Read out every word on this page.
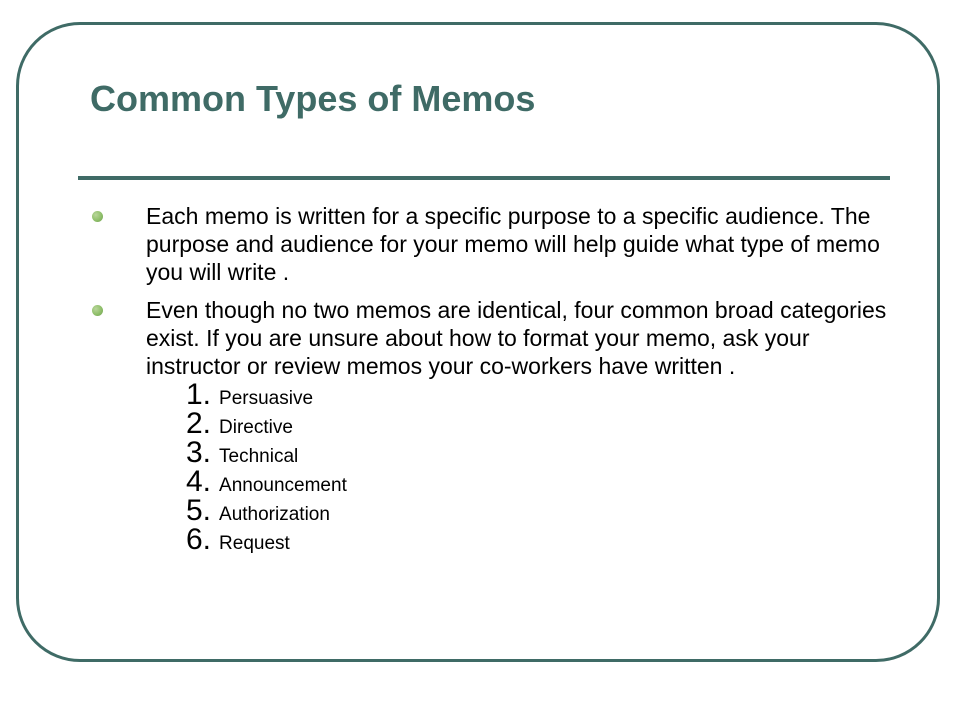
Common Types of Memos
Each memo is written for a specific purpose to a specific audience. The purpose and audience for your memo will help guide what type of memo you will write .
Even though no two memos are identical, four common broad categories exist. If you are unsure about how to format your memo, ask your instructor or review memos your co-workers have written .
1. Persuasive
2. Directive
3. Technical
4. Announcement
5. Authorization
6. Request
